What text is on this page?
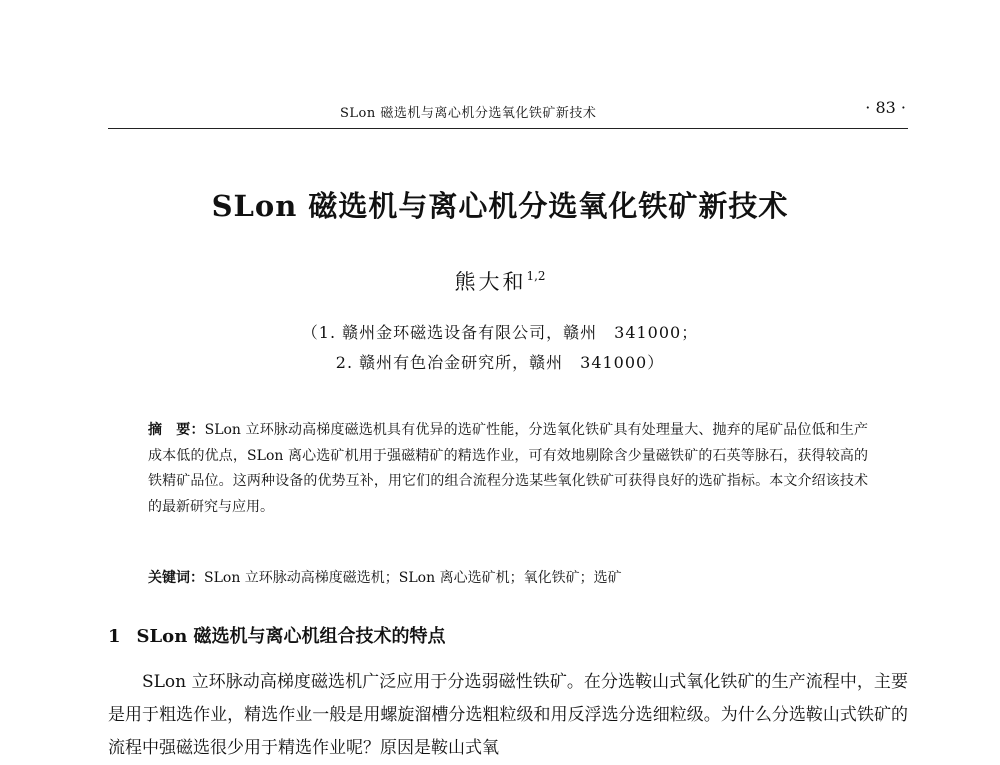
SLon 磁选机与离心机分选氧化铁矿新技术	· 83 ·
SLon 磁选机与离心机分选氧化铁矿新技术
熊大和$^{1,2}$
（1. 赣州金环磁选设备有限公司，赣州　341000；
2. 赣州有色冶金研究所，赣州　341000）
摘　要：SLon 立环脉动高梯度磁选机具有优异的选矿性能，分选氧化铁矿具有处理量大、抛弃的尾矿品位低和生产成本低的优点，SLon 离心选矿机用于强磁精矿的精选作业，可有效地剔除含少量磁铁矿的石英等脉石，获得较高的铁精矿品位。这两种设备的优势互补，用它们的组合流程分选某些氧化铁矿可获得良好的选矿指标。本文介绍该技术的最新研究与应用。
关键词：SLon 立环脉动高梯度磁选机；SLon 离心选矿机；氧化铁矿；选矿
1 SLon 磁选机与离心机组合技术的特点
SLon 立环脉动高梯度磁选机广泛应用于分选弱磁性铁矿。在分选鞍山式氧化铁矿的生产流程中，主要是用于粗选作业，精选作业一般是用螺旋溜槽分选粗粒级和用反浮选分选细粒级。为什么分选鞍山式铁矿的流程中强磁选很少用于精选作业呢？原因是鞍山式氧
